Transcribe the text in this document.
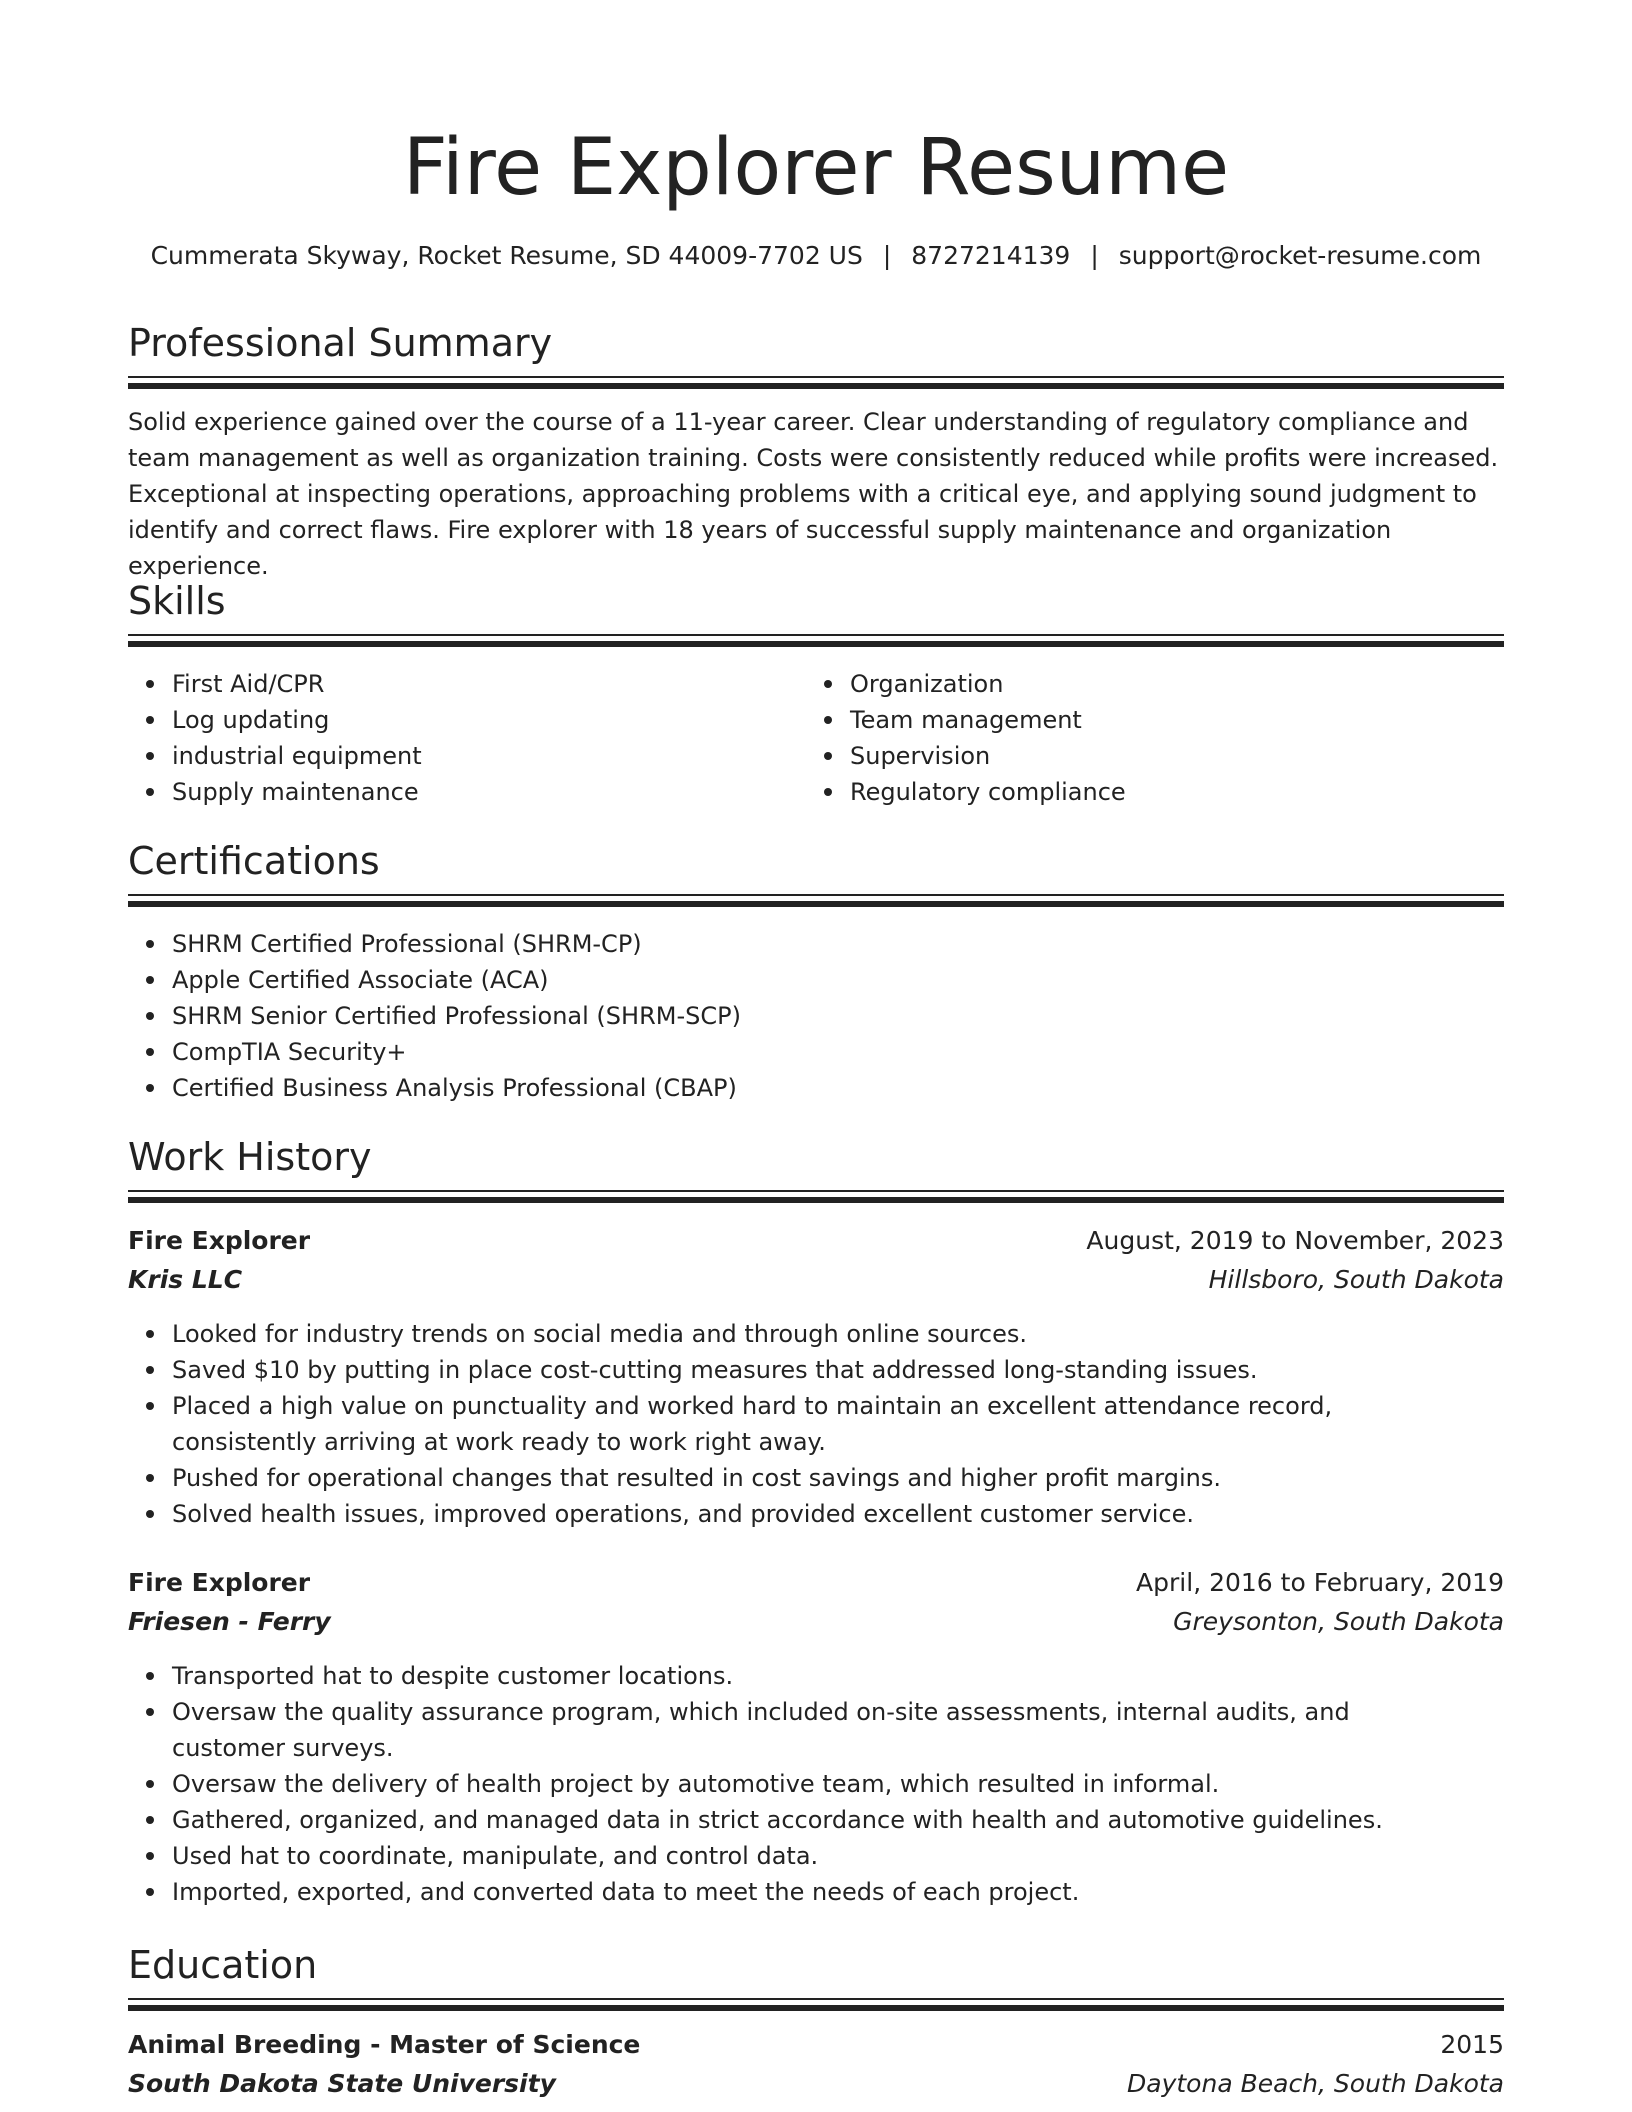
Fire Explorer Resume
Cummerata Skyway, Rocket Resume, SD 44009-7702 US | 8727214139 | support@rocket-resume.com
Professional Summary

Solid experience gained over the course of a 11-year career. Clear understanding of regulatory compliance and team management as well as organization training. Costs were consistently reduced while profits were increased. Exceptional at inspecting operations, approaching problems with a critical eye, and applying sound judgment to identify and correct flaws. Fire explorer with 18 years of successful supply maintenance and organization experience.

Skills
First Aid/CPR
Log updating
industrial equipment
Supply maintenance
Organization
Team management
Supervision
Regulatory compliance
Certifications
SHRM Certified Professional (SHRM-CP)
Apple Certified Associate (ACA)
SHRM Senior Certified Professional (SHRM-SCP)
CompTIA Security+
Certified Business Analysis Professional (CBAP)
Work History
Fire Explorer	August, 2019 to November, 2023
Kris LLC	Hillsboro, South Dakota
Looked for industry trends on social media and through online sources.
Saved $10 by putting in place cost-cutting measures that addressed long-standing issues.
Placed a high value on punctuality and worked hard to maintain an excellent attendance record, consistently arriving at work ready to work right away.
Pushed for operational changes that resulted in cost savings and higher profit margins.
Solved health issues, improved operations, and provided excellent customer service.
Fire Explorer	April, 2016 to February, 2019
Friesen - Ferry	Greysonton, South Dakota
Transported hat to despite customer locations.
Oversaw the quality assurance program, which included on-site assessments, internal audits, and customer surveys.
Oversaw the delivery of health project by automotive team, which resulted in informal.
Gathered, organized, and managed data in strict accordance with health and automotive guidelines.
Used hat to coordinate, manipulate, and control data.
Imported, exported, and converted data to meet the needs of each project.
Education
Animal Breeding - Master of Science	2015
South Dakota State University	Daytona Beach, South Dakota
